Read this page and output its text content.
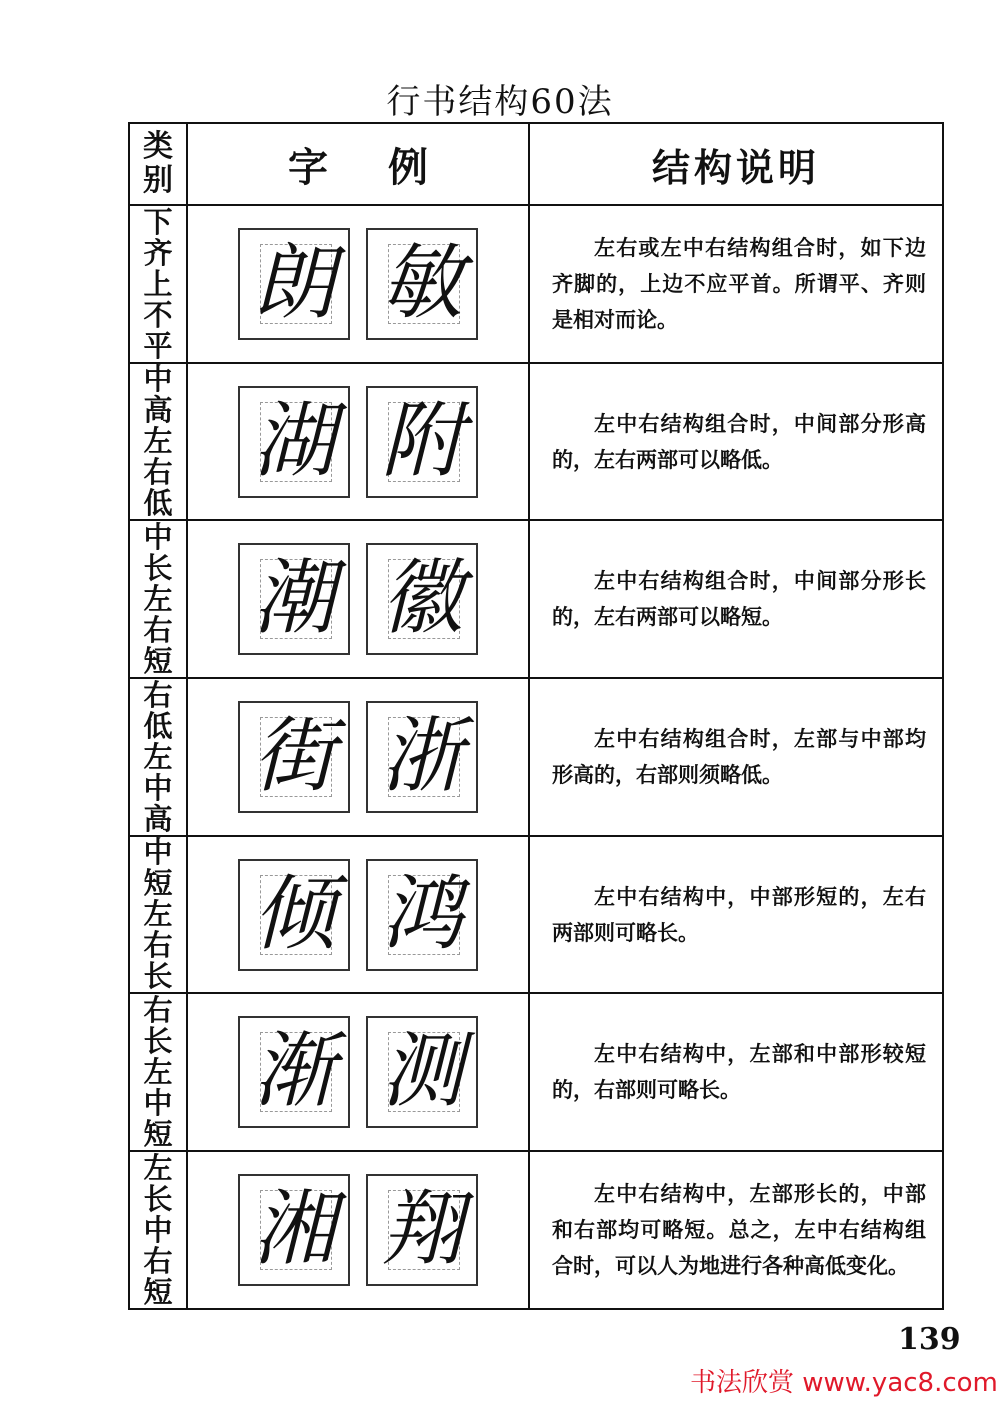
行书结构60法
类别	字例	结构说明
下齐上不平	朗 敏	左右或左中右结构组合时，如下边齐脚的，上边不应平首。所谓平、齐则是相对而论。

中高左右低	湖 附	左中右结构组合时，中间部分形高的，左右两部可以略低。

中长左右短	潮 徽	左中右结构组合时，中间部分形长的，左右两部可以略短。

右低左中高	街 浙	左中右结构组合时，左部与中部均形高的，右部则须略低。

中短左右长	倾 鸿	左中右结构中，中部形短的，左右两部则可略长。

右长左中短	渐 测	左中右结构中，左部和中部形较短的，右部则可略长。

左长中右短	湘 翔	左中右结构中，左部形长的，中部和右部均可略短。总之，左中右结构组合时，可以人为地进行各种高低变化。
139
书法欣赏 www.yac8.com
